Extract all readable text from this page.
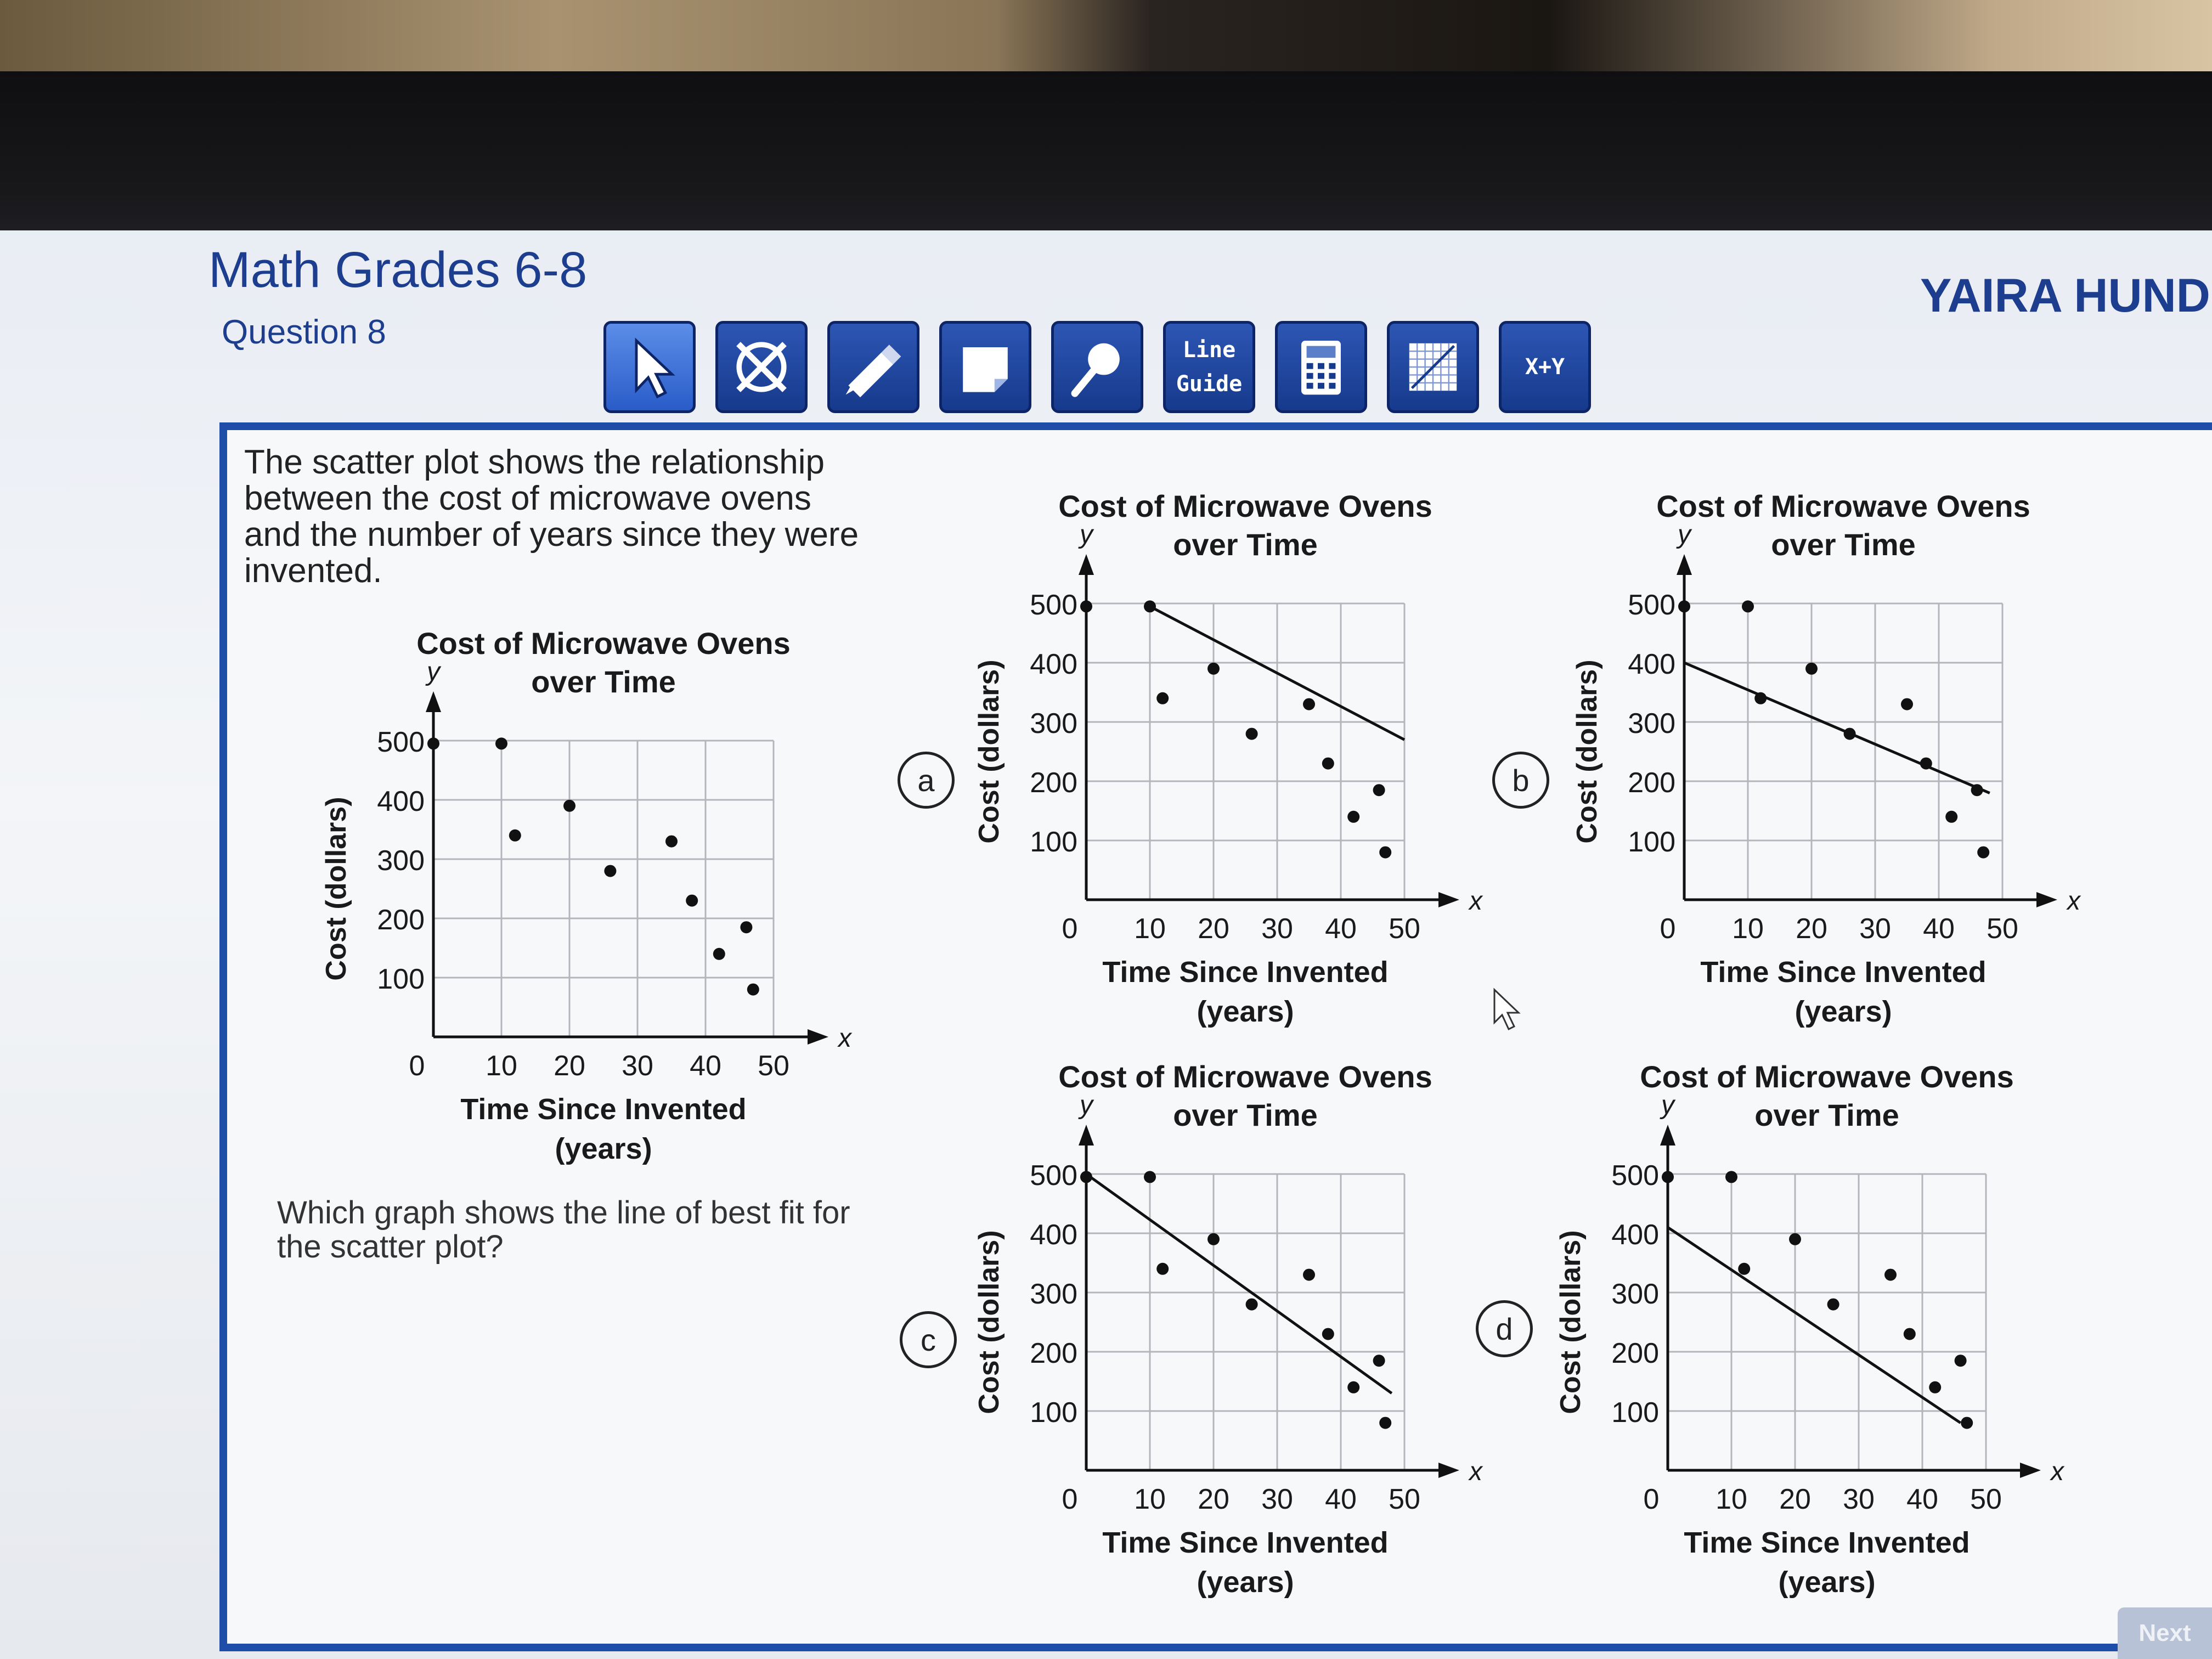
Math Grades 6-8
Question 8
YAIRA HUND
Line
Guide
X+Y

The scatter plot shows the relationship between the cost of microwave ovens and the number of years since they were invented.

Which graph shows the line of best fit for the scatter plot?

Cost of Microwave Ovens
over Time
y
x
100
200
300
400
500
0 10 20 30 40 50
Time Since Invented
(years)
Cost (dollars)
a
Cost of Microwave Ovens
over Time
y
x
100
200
300
400
500
0 10 20 30 40 50
Time Since Invented
(years)
Cost (dollars)	b
Cost of Microwave Ovens
over Time
y
x
100
200
300
400
500
0 10 20 30 40 50
Time Since Invented
(years)
Cost (dollars)
c
Cost of Microwave Ovens
over Time
y
x
100
200
300
400
500
0 10 20 30 40 50
Time Since Invented
(years)
Cost (dollars)	d
Cost of Microwave Ovens
over Time
y
x
100
200
300
400
500
0 10 20 30 40 50
Time Since Invented
(years)
Cost (dollars)
Next
